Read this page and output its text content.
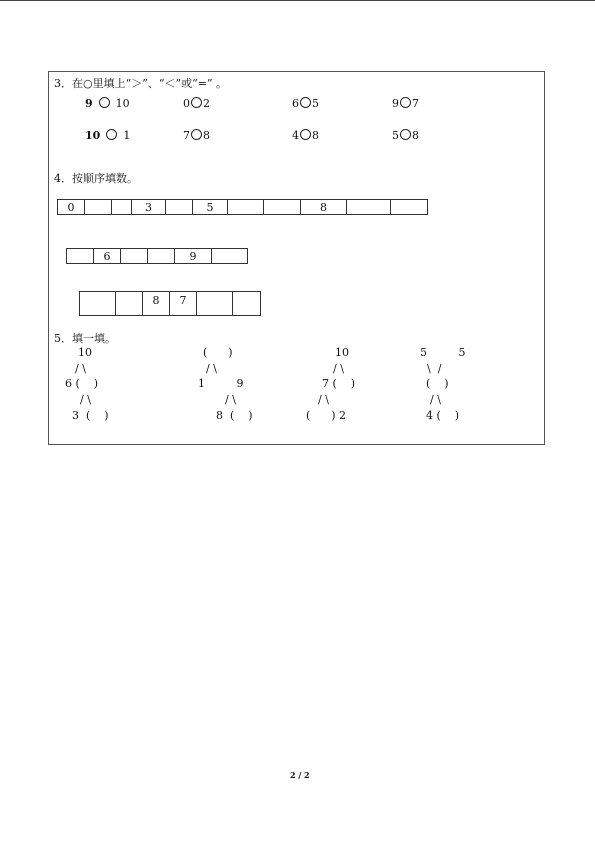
3．在○里填上“＞”、“＜”或“=” 。
9 10	0 2	6 5	9 7
10 1	7 8	4 8	5 8
4．按顺序填数。
0	3	5	8
6	9
8	7
5．填一填。
10
/ \
6 (    )
/ \
3  (    )
(      )
/ \
1         9
/ \
8  (    )
10
/ \
7 (    )
/ \
(      ) 2
5         5
\  /
(    )
/ \
4 (    )
2 / 2
